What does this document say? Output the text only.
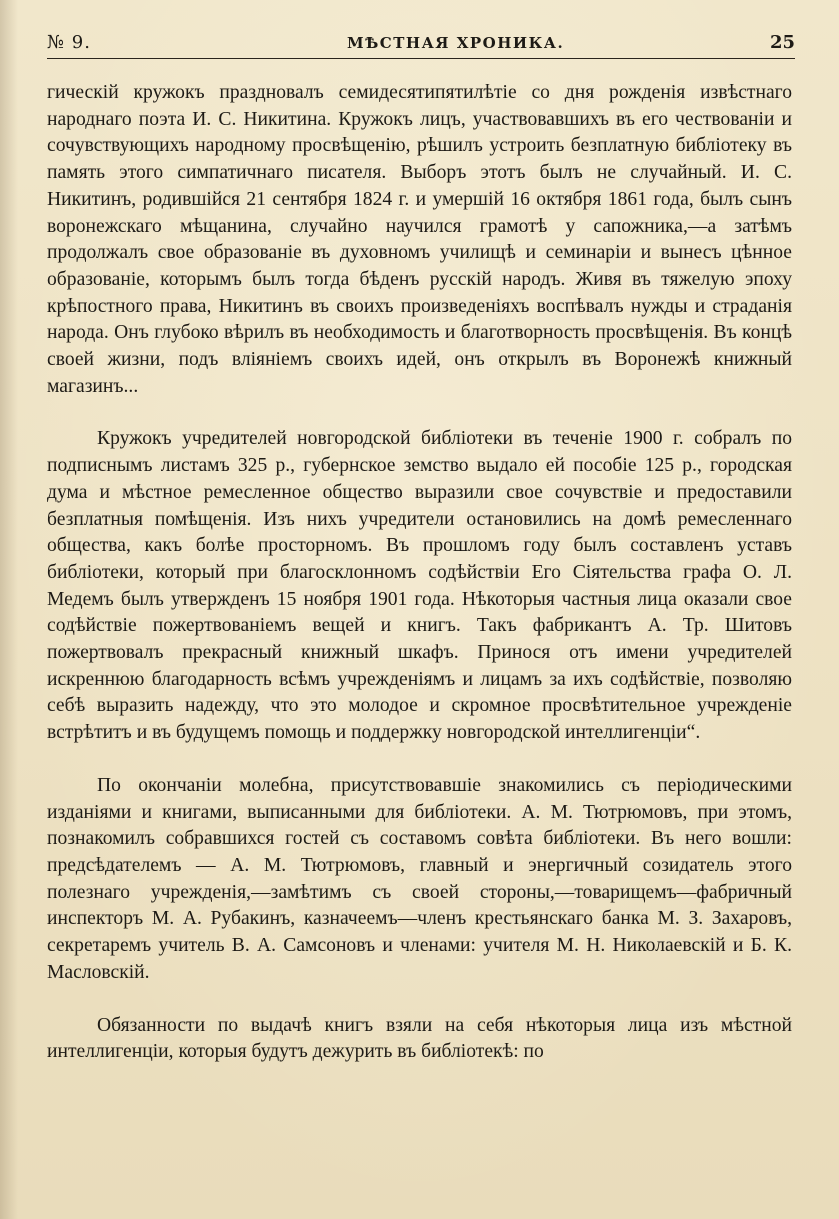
№ 9.	МѢСТНАЯ ХРОНИКА.	25

гическій кружокъ праздновалъ семидесятипятилѣтіе со дня рожденія извѣстнаго народнаго поэта И. С. Никитина. Кружокъ лицъ, участвовавшихъ въ его чествованіи и сочувствующихъ народному просвѣщенію, рѣшилъ устроить безплатную библіотеку въ память этого симпатичнаго писателя. Выборъ этотъ былъ не случайный. И. С. Никитинъ, родившійся 21 сентября 1824 г. и умершій 16 октября 1861 года, былъ сынъ воронежскаго мѣщанина, случайно научился грамотѣ у сапожника,—а затѣмъ продолжалъ свое образованіе въ духовномъ училищѣ и семинаріи и вынесъ цѣнное образованіе, которымъ былъ тогда бѣденъ русскій народъ. Живя въ тяжелую эпоху крѣпостного права, Никитинъ въ своихъ произведеніяхъ воспѣвалъ нужды и страданія народа. Онъ глубоко вѣрилъ въ необходимость и благотворность просвѣщенія. Въ концѣ своей жизни, подъ вліяніемъ своихъ идей, онъ открылъ въ Воронежѣ книжный магазинъ...

Кружокъ учредителей новгородской библіотеки въ теченіе 1900 г. собралъ по подписнымъ листамъ 325 р., губернское земство выдало ей пособіе 125 р., городская дума и мѣстное ремесленное общество выразили свое сочувствіе и предоставили безплатныя помѣщенія. Изъ нихъ учредители остановились на домѣ ремесленнаго общества, какъ болѣе просторномъ. Въ прошломъ году былъ составленъ уставъ библіотеки, который при благосклонномъ содѣйствіи Его Сіятельства графа О. Л. Медемъ былъ утвержденъ 15 ноября 1901 года. Нѣкоторыя частныя лица оказали свое содѣйствіе пожертвованіемъ вещей и книгъ. Такъ фабрикантъ А. Тр. Шитовъ пожертвовалъ прекрасный книжный шкафъ. Принося отъ имени учредителей искреннюю благодарность всѣмъ учрежденіямъ и лицамъ за ихъ содѣйствіе, позволяю себѣ выразить надежду, что это молодое и скромное просвѣтительное учрежденіе встрѣтитъ и въ будущемъ помощь и поддержку новгородской интеллигенціи“.

По окончаніи молебна, присутствовавшіе знакомились съ періодическими изданіями и книгами, выписанными для библіотеки. А. М. Тютрюмовъ, при этомъ, познакомилъ собравшихся гостей съ составомъ совѣта библіотеки. Въ него вошли: предсѣдателемъ — А. М. Тютрюмовъ, главный и энергичный созидатель этого полезнаго учрежденія,—замѣтимъ съ своей стороны,—товарищемъ—фабричный инспекторъ М. А. Рубакинъ, казначеемъ—членъ крестьянскаго банка М. З. Захаровъ, секретаремъ учитель В. А. Самсоновъ и членами: учителя М. Н. Николаевскій и Б. К. Масловскій.

Обязанности по выдачѣ книгъ взяли на себя нѣкоторыя лица изъ мѣстной интеллигенціи, которыя будутъ дежурить въ библіотекѣ: по
